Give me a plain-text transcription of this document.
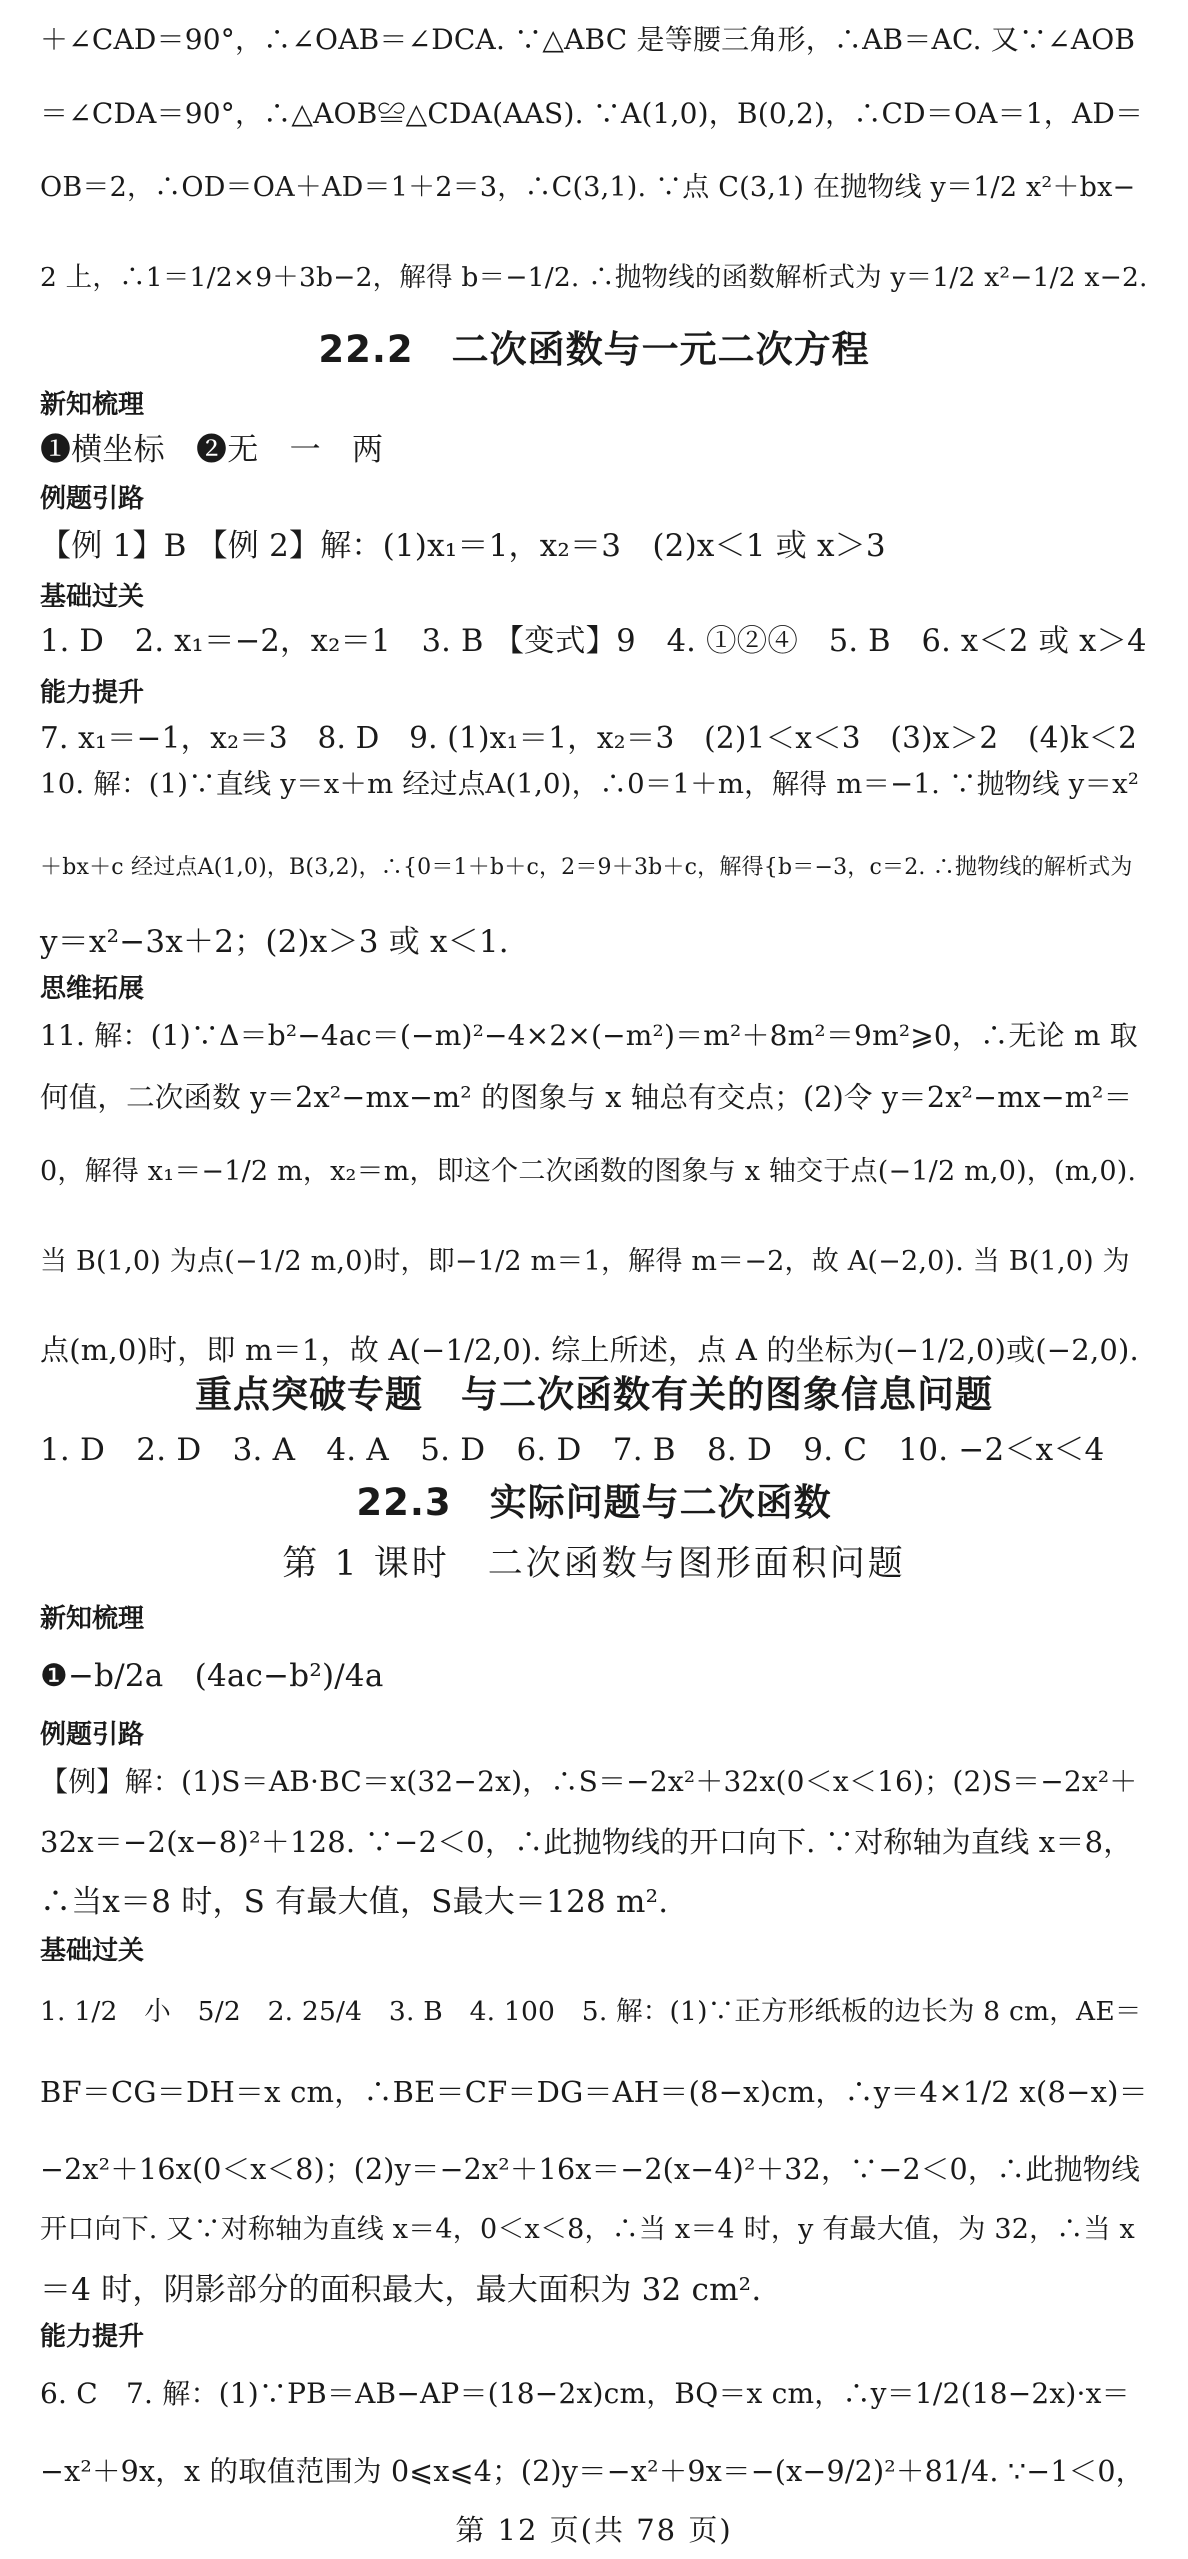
＋∠CAD＝90°，∴∠OAB＝∠DCA. ∵△ABC 是等腰三角形，∴AB＝AC. 又∵∠AOB
＝∠CDA＝90°，∴△AOB≌△CDA(AAS). ∵A(1,0)，B(0,2)，∴CD＝OA＝1，AD＝
OB＝2，∴OD＝OA＋AD＝1＋2＝3，∴C(3,1). ∵点 C(3,1) 在抛物线 y＝1/2 x²＋bx−
2 上，∴1＝1/2×9＋3b−2，解得 b＝−1/2. ∴抛物线的函数解析式为 y＝1/2 x²−1/2 x−2.
22.2　二次函数与一元二次方程
新知梳理
❶横坐标　❷无　一　两
例题引路
【例 1】B 【例 2】解：(1)x₁＝1，x₂＝3　(2)x＜1 或 x＞3
基础过关
1. D　2. x₁＝−2，x₂＝1　3. B 【变式】9　4. ①②④　5. B　6. x＜2 或 x＞4
能力提升
7. x₁＝−1，x₂＝3　8. D　9. (1)x₁＝1，x₂＝3　(2)1＜x＜3　(3)x＞2　(4)k＜2
10. 解：(1)∵直线 y＝x＋m 经过点A(1,0)，∴0＝1＋m，解得 m＝−1. ∵抛物线 y＝x²
＋bx＋c 经过点A(1,0)，B(3,2)，∴{0＝1＋b＋c，2＝9＋3b＋c，解得{b＝−3，c＝2. ∴抛物线的解析式为
y＝x²−3x＋2；(2)x＞3 或 x＜1.
思维拓展
11. 解：(1)∵Δ＝b²−4ac＝(−m)²−4×2×(−m²)＝m²＋8m²＝9m²⩾0，∴无论 m 取
何值，二次函数 y＝2x²−mx−m² 的图象与 x 轴总有交点；(2)令 y＝2x²−mx−m²＝
0，解得 x₁＝−1/2 m，x₂＝m，即这个二次函数的图象与 x 轴交于点(−1/2 m,0)，(m,0).
当 B(1,0) 为点(−1/2 m,0)时，即−1/2 m＝1，解得 m＝−2，故 A(−2,0). 当 B(1,0) 为
点(m,0)时，即 m＝1，故 A(−1/2,0). 综上所述，点 A 的坐标为(−1/2,0)或(−2,0).
重点突破专题　与二次函数有关的图象信息问题
1. D　2. D　3. A　4. A　5. D　6. D　7. B　8. D　9. C　10. −2＜x＜4
22.3　实际问题与二次函数
第 1 课时　二次函数与图形面积问题
新知梳理
❶−b/2a　(4ac−b²)/4a
例题引路
【例】解：(1)S＝AB·BC＝x(32−2x)，∴S＝−2x²＋32x(0＜x＜16)；(2)S＝−2x²＋
32x＝−2(x−8)²＋128. ∵−2＜0，∴此抛物线的开口向下. ∵对称轴为直线 x＝8，
∴当x＝8 时，S 有最大值，S最大＝128 m².
基础过关
1. 1/2　小　5/2　2. 25/4　3. B　4. 100　5. 解：(1)∵正方形纸板的边长为 8 cm，AE＝
BF＝CG＝DH＝x cm，∴BE＝CF＝DG＝AH＝(8−x)cm，∴y＝4×1/2 x(8−x)＝
−2x²＋16x(0＜x＜8)；(2)y＝−2x²＋16x＝−2(x−4)²＋32，∵−2＜0，∴此抛物线
开口向下. 又∵对称轴为直线 x＝4，0＜x＜8，∴当 x＝4 时，y 有最大值，为 32，∴当 x
＝4 时，阴影部分的面积最大，最大面积为 32 cm².
能力提升
6. C　7. 解：(1)∵PB＝AB−AP＝(18−2x)cm，BQ＝x cm，∴y＝1/2(18−2x)·x＝
−x²＋9x，x 的取值范围为 0⩽x⩽4；(2)y＝−x²＋9x＝−(x−9/2)²＋81/4. ∵−1＜0，
第 12 页(共 78 页)
